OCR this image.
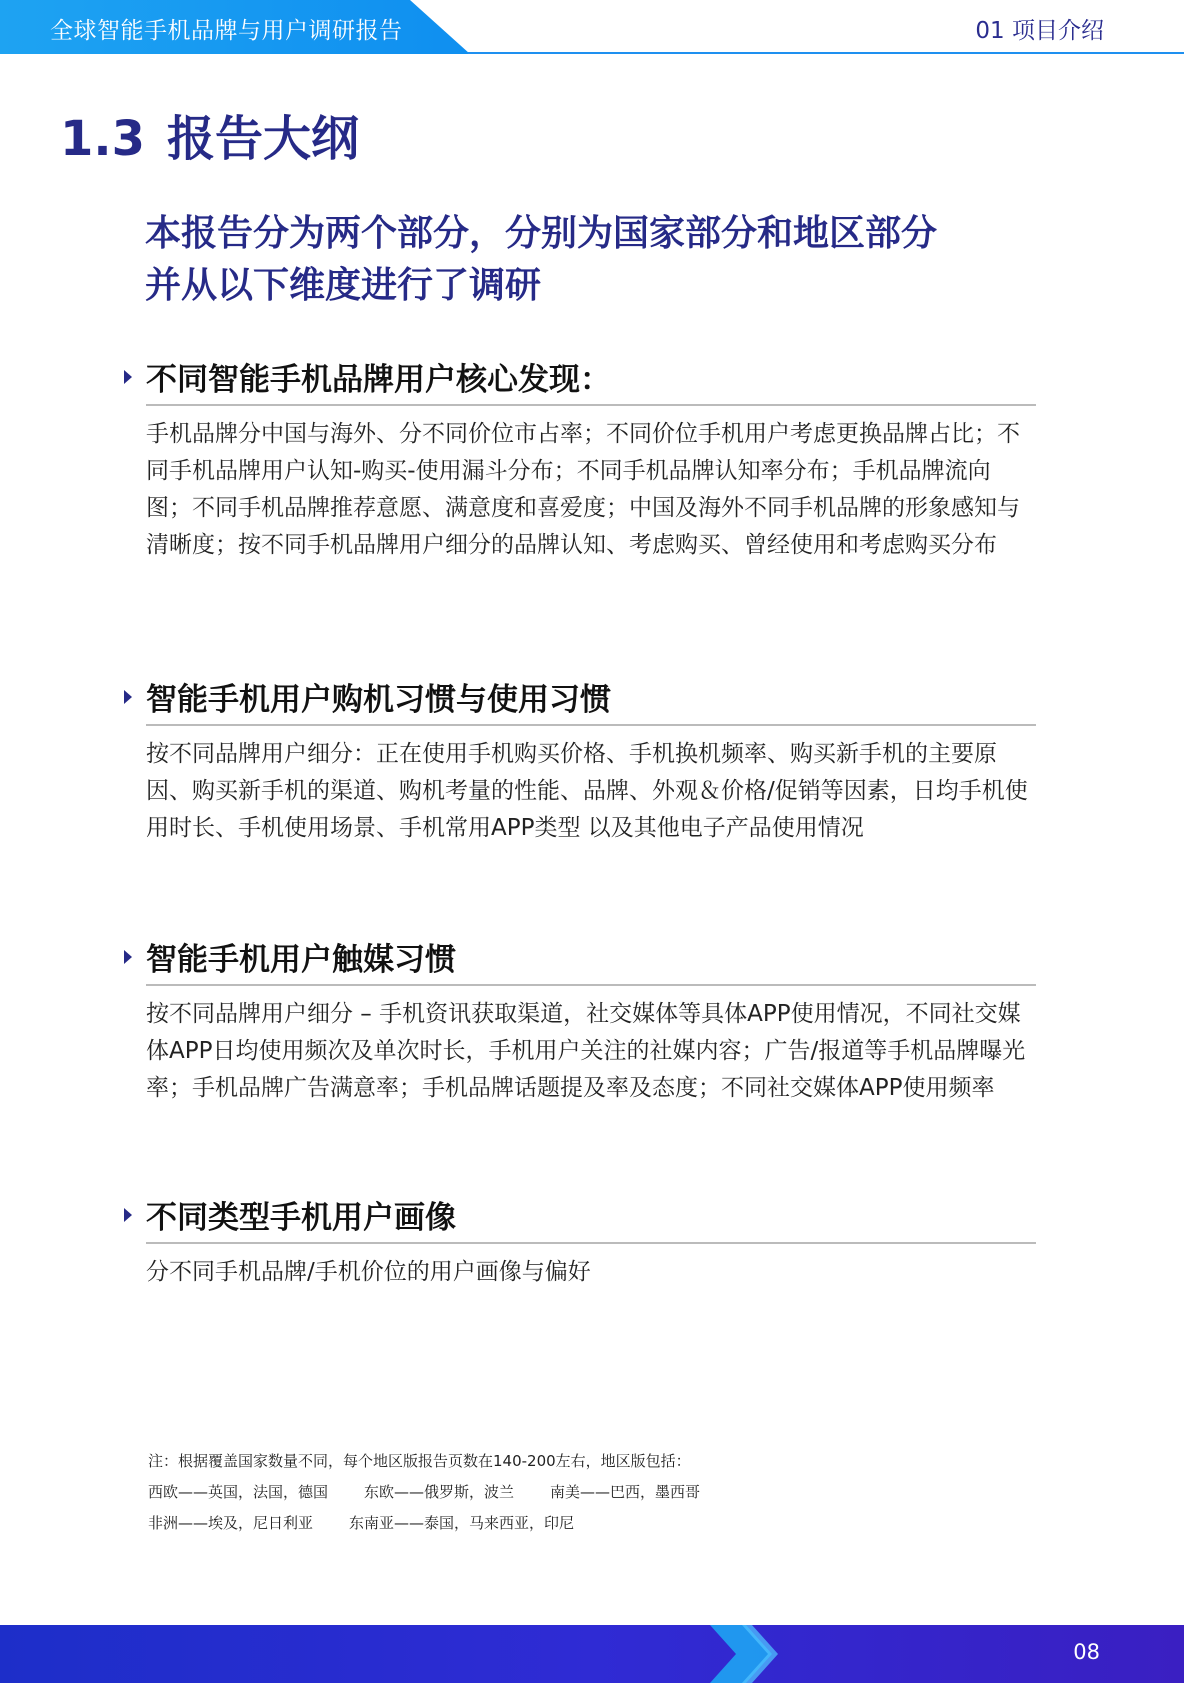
全球智能手机品牌与用户调研报告	01 项目介绍
1.3 报告大纲
本报告分为两个部分，分别为国家部分和地区部分
并从以下维度进行了调研
不同智能手机品牌用户核心发现：
手机品牌分中国与海外、分不同价位市占率；不同价位手机用户考虑更换品牌占比；不同手机品牌用户认知-购买-使用漏斗分布；不同手机品牌认知率分布；手机品牌流向图；不同手机品牌推荐意愿、满意度和喜爱度；中国及海外不同手机品牌的形象感知与清晰度；按不同手机品牌用户细分的品牌认知、考虑购买、曾经使用和考虑购买分布
智能手机用户购机习惯与使用习惯
按不同品牌用户细分：正在使用手机购买价格、手机换机频率、购买新手机的主要原因、购买新手机的渠道、购机考量的性能、品牌、外观＆价格/促销等因素，日均手机使用时长、手机使用场景、手机常用APP类型 以及其他电子产品使用情况
智能手机用户触媒习惯
按不同品牌用户细分 – 手机资讯获取渠道，社交媒体等具体APP使用情况，不同社交媒体APP日均使用频次及单次时长，手机用户关注的社媒内容；广告/报道等手机品牌曝光率；手机品牌广告满意率；手机品牌话题提及率及态度；不同社交媒体APP使用频率
不同类型手机用户画像
分不同手机品牌/手机价位的用户画像与偏好
注：根据覆盖国家数量不同，每个地区版报告页数在140-200左右，地区版包括：
西欧——英国，法国，德国 东欧——俄罗斯，波兰 南美——巴西，墨西哥
非洲——埃及，尼日利亚 东南亚——泰国，马来西亚，印尼
08
